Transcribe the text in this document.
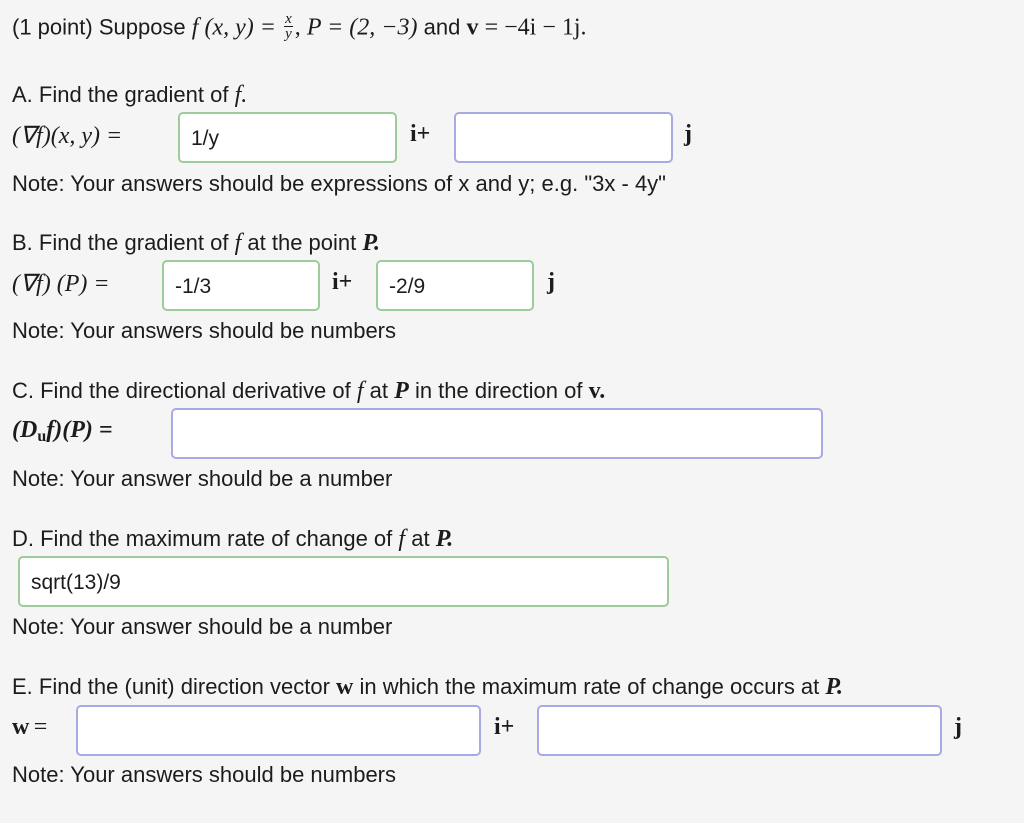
(1 point) Suppose f (x, $y) = \frac{x}{y}$ , P = (2, −3) and v = −4i − 1j.
A. Find the gradient of f.
(∇f)(x, y) =	1/y	i+	j
Note: Your answers should be expressions of x and y; e.g. "3x - 4y"
B. Find the gradient of f at the point P.
(∇f) (P) =	-1/3	i+	-2/9	j
Note: Your answers should be numbers
C. Find the directional derivative of f at P in the direction of v.
$(D_uf)(P)$ =
Note: Your answer should be a number
D. Find the maximum rate of change of f at P.
sqrt(13)/9
Note: Your answer should be a number
E. Find the (unit) direction vector w in which the maximum rate of change occurs at P.
w =	i+	j
Note: Your answers should be numbers
